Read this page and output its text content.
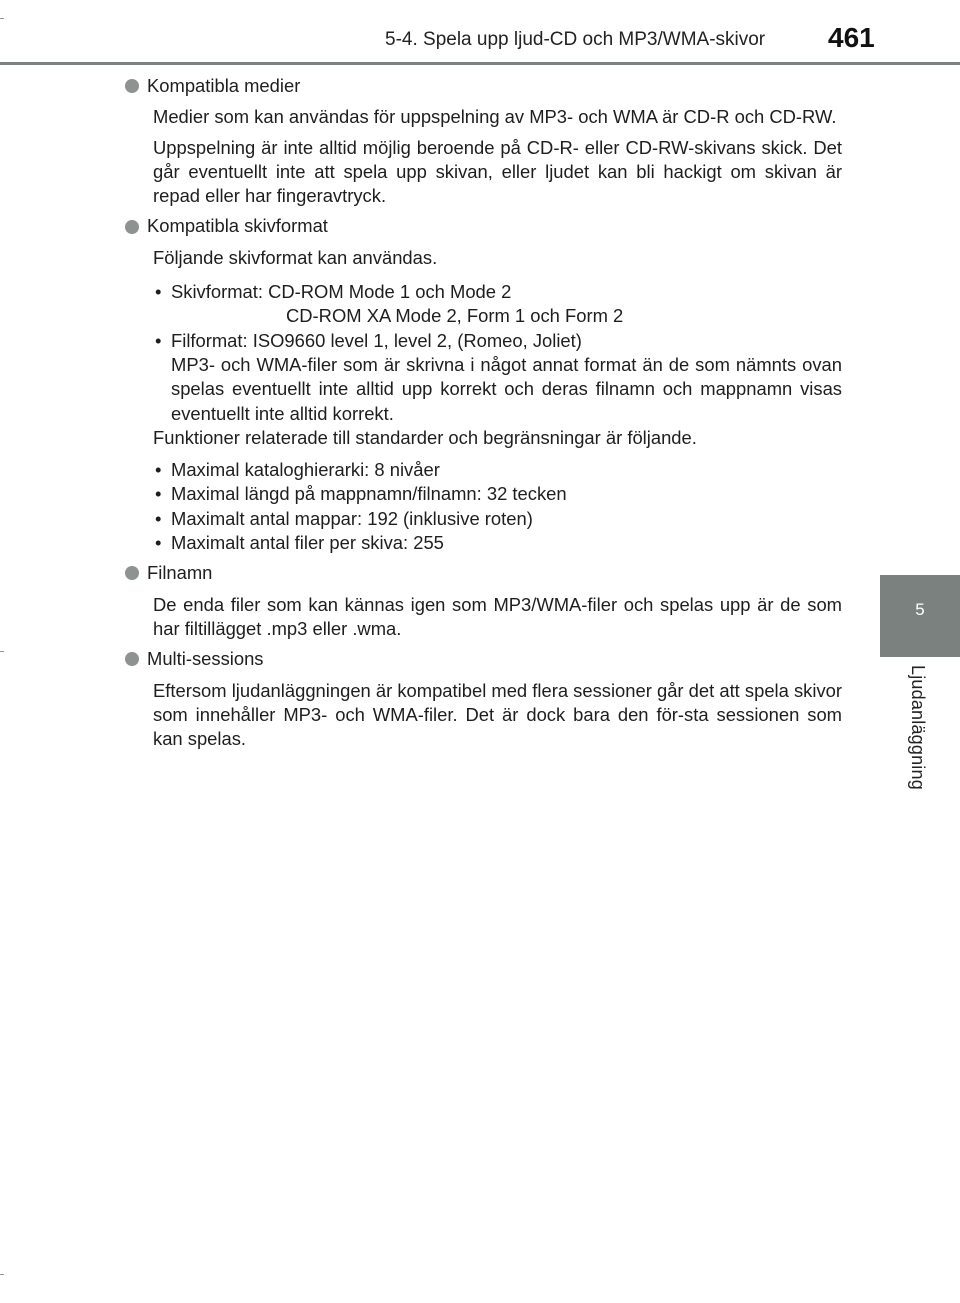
5-4. Spela upp ljud-CD och MP3/WMA-skivor 461
5
Ljudanläggning
Kompatibla medier

Medier som kan användas för uppspelning av MP3- och WMA är CD-R och CD-RW.

Uppspelning är inte alltid möjlig beroende på CD-R- eller CD-RW-skivans skick. Det går eventuellt inte att spela upp skivan, eller ljudet kan bli hackigt om skivan är repad eller har fingeravtryck.

Kompatibla skivformat

Följande skivformat kan användas.

• Skivformat: CD-ROM Mode 1 och Mode 2
CD-ROM XA Mode 2, Form 1 och Form 2
• Filformat: ISO9660 level 1, level 2, (Romeo, Joliet)
MP3- och WMA-filer som är skrivna i något annat format än de som nämnts ovan spelas eventuellt inte alltid upp korrekt och deras filnamn och mappnamn visas eventuellt inte alltid korrekt.

Funktioner relaterade till standarder och begränsningar är följande.

• Maximal kataloghierarki: 8 nivåer
• Maximal längd på mappnamn/filnamn: 32 tecken
• Maximalt antal mappar: 192 (inklusive roten)
• Maximalt antal filer per skiva: 255
Filnamn

De enda filer som kan kännas igen som MP3/WMA-filer och spelas upp är de som har filtillägget .mp3 eller .wma.

Multi-sessions

Eftersom ljudanläggningen är kompatibel med flera sessioner går det att spela skivor som innehåller MP3- och WMA-filer. Det är dock bara den för-sta sessionen som kan spelas.
